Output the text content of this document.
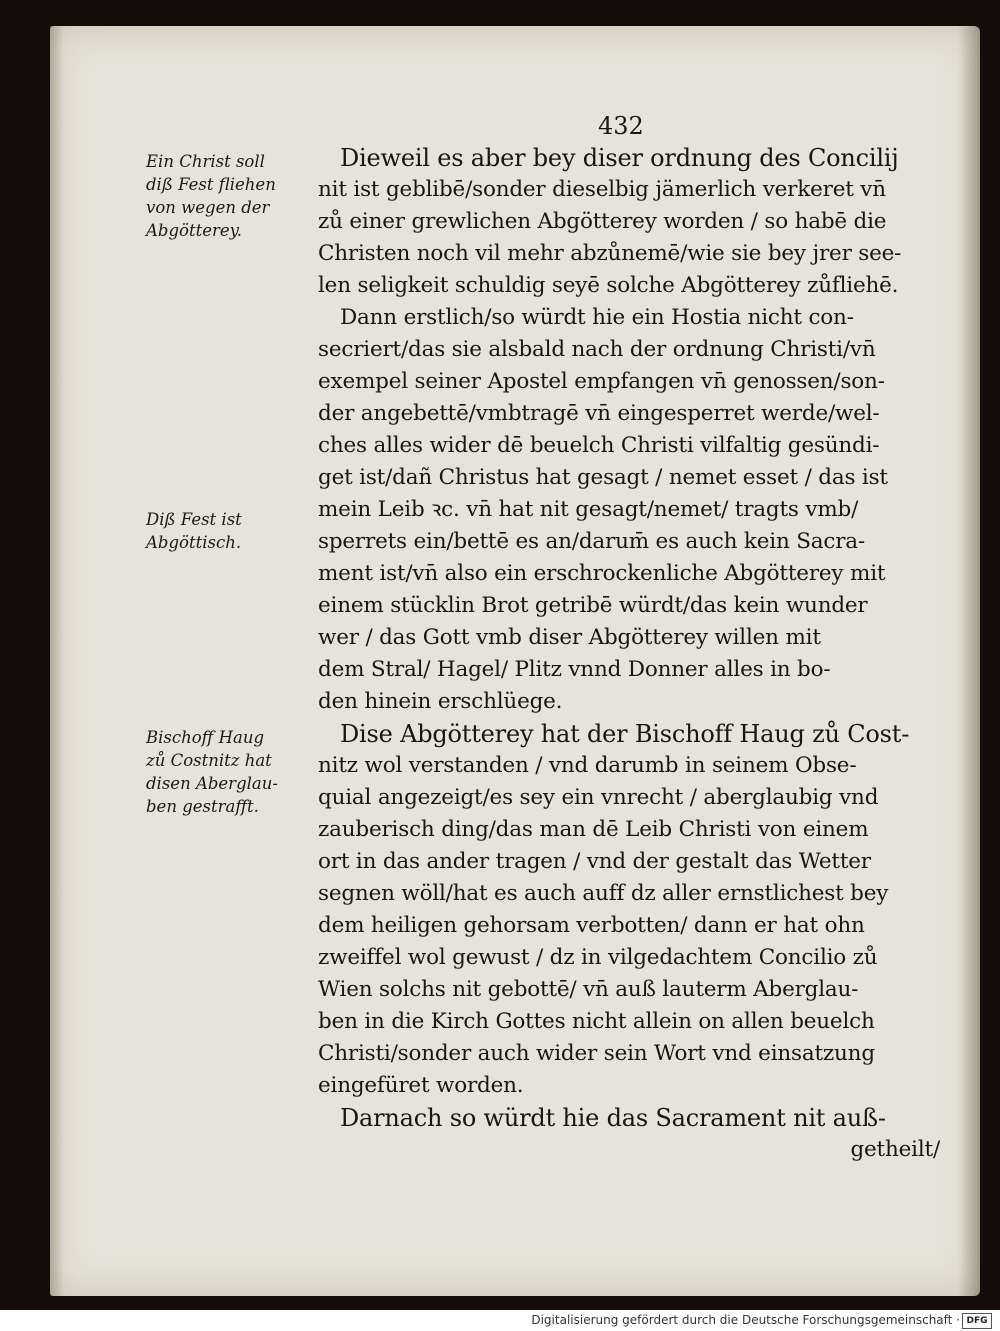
432
Ein Christ soll
diß Fest fliehen
von wegen der
Abgötterey.
Diß Fest ist
Abgöttisch.
Bischoff Haug
zů Costnitz hat
disen Aberglau-
ben gestrafft.
Dieweil es aber bey diser ordnung des Concilij
nit ist geblibē/sonder dieselbig jämerlich verkeret vn̄
zů einer grewlichen Abgötterey worden / so habē die
Christen noch vil mehr abzůnemē/wie sie bey jrer see-
len seligkeit schuldig seyē solche Abgötterey zůfliehē.
Dann erstlich/so würdt hie ein Hostia nicht con-
secriert/das sie alsbald nach der ordnung Christi/vn̄
exempel seiner Apostel empfangen vn̄ genossen/son-
der angebettē/vmbtragē vn̄ eingesperret werde/wel-
ches alles wider dē beuelch Christi vilfaltig gesündi-
get ist/dañ Christus hat gesagt / nemet esset / das ist
mein Leib ꝛc. vn̄ hat nit gesagt/nemet/ tragts vmb/
sperrets ein/bettē es an/darum̄ es auch kein Sacra-
ment ist/vn̄ also ein erschrockenliche Abgötterey mit
einem stücklin Brot getribē würdt/das kein wunder
wer / das Gott vmb diser Abgötterey willen mit
dem Stral/ Hagel/ Plitz vnnd Donner alles in bo-
den hinein erschlüege.
Dise Abgötterey hat der Bischoff Haug zů Cost-
nitz wol verstanden / vnd darumb in seinem Obse-
quial angezeigt/es sey ein vnrecht / aberglaubig vnd
zauberisch ding/das man dē Leib Christi von einem
ort in das ander tragen / vnd der gestalt das Wetter
segnen wöll/hat es auch auff dz aller ernstlichest bey
dem heiligen gehorsam verbotten/ dann er hat ohn
zweiffel wol gewust / dz in vilgedachtem Concilio zů
Wien solchs nit gebottē/ vn̄ auß lauterm Aberglau-
ben in die Kirch Gottes nicht allein on allen beuelch
Christi/sonder auch wider sein Wort vnd einsatzung
eingefüret worden.
Darnach so würdt hie das Sacrament nit auß-
getheilt/
Digitalisierung gefördert durch die Deutsche Forschungsgemeinschaft · DFG
